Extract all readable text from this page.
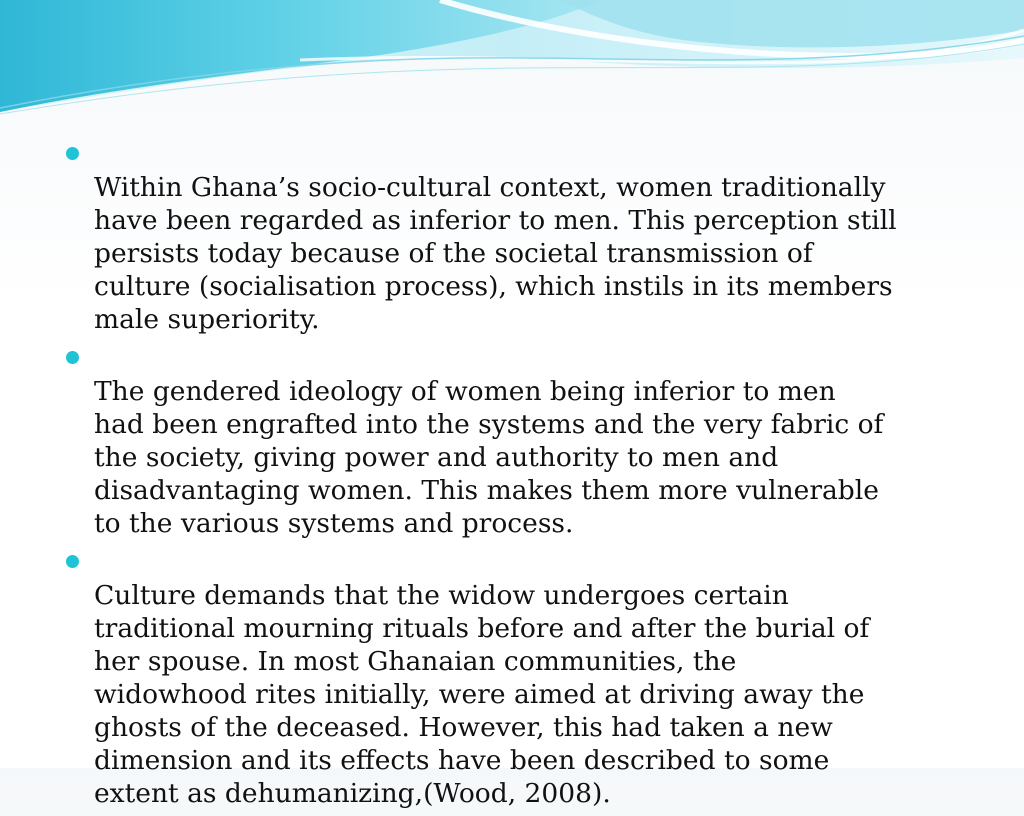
Within Ghana’s socio-cultural context, women traditionally
have been regarded as inferior to men. This perception still
persists today because of the societal transmission of
culture (socialisation process), which instils in its members
male superiority.

The gendered ideology of women being inferior to men
had been engrafted into the systems and the very fabric of
the society, giving power and authority to men and
disadvantaging women. This makes them more vulnerable
to the various systems and process.

Culture demands that the widow undergoes certain
traditional mourning rituals before and after the burial of
her spouse. In most Ghanaian communities, the
widowhood rites initially, were aimed at driving away the
ghosts of the deceased. However, this had taken a new
dimension and its effects have been described to some
extent as dehumanizing,(Wood, 2008).
